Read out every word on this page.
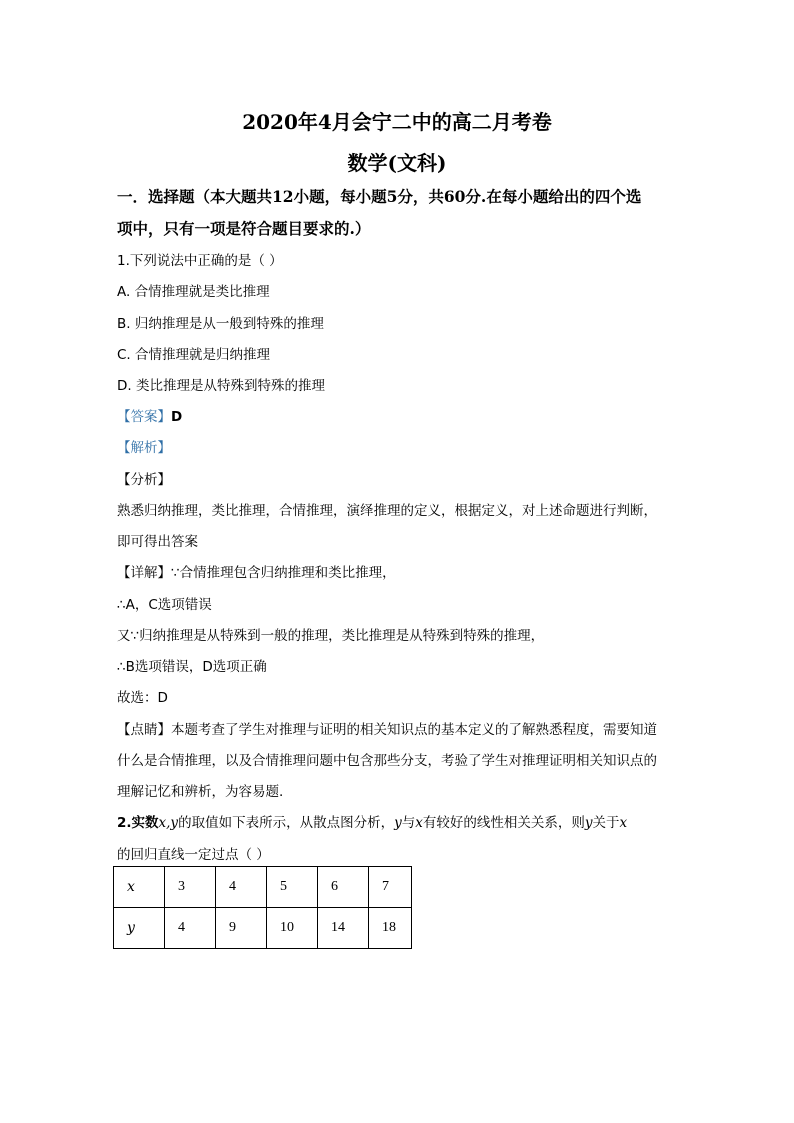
2020年4月会宁二中的高二月考卷
数学(文科)
一．选择题（本大题共12小题，每小题5分，共60分.在每小题给出的四个选
项中，只有一项是符合题目要求的.）
1.下列说法中正确的是（ ）
A. 合情推理就是类比推理
B. 归纳推理是从一般到特殊的推理
C. 合情推理就是归纳推理
D. 类比推理是从特殊到特殊的推理
【答案】D
【解析】
【分析】
熟悉归纳推理，类比推理，合情推理，演绎推理的定义，根据定义，对上述命题进行判断，
即可得出答案
【详解】∵合情推理包含归纳推理和类比推理，
∴A，C选项错误
又∵归纳推理是从特殊到一般的推理，类比推理是从特殊到特殊的推理，
∴B选项错误，D选项正确
故选：D
【点睛】本题考查了学生对推理与证明的相关知识点的基本定义的了解熟悉程度，需要知道
什么是合情推理，以及合情推理问题中包含那些分支，考验了学生对推理证明相关知识点的
理解记忆和辨析，为容易题.
2.实数x,y的取值如下表所示，从散点图分析，y与x有较好的线性相关关系，则y关于x
的回归直线一定过点（ ）
x	3	4	5	6	7
y	4	9	10	14	18
